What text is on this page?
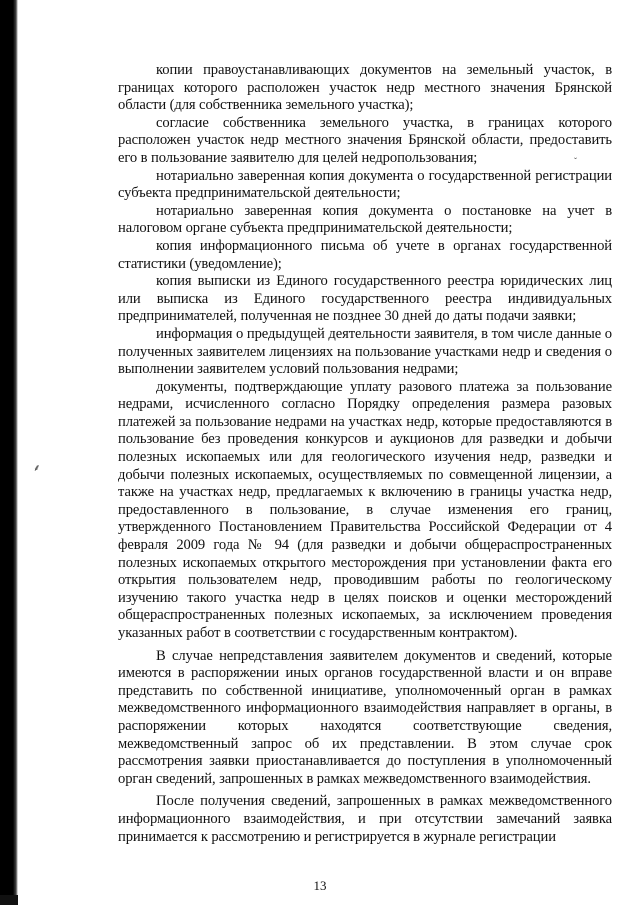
⸙
ˇ

копии правоустанавливающих документов на земельный участок, в границах которого расположен участок недр местного значения Брянской области (для собственника земельного участка);

согласие собственника земельного участка, в границах которого расположен участок недр местного значения Брянской области, предоставить его в пользование заявителю для целей недропользования;

нотариально заверенная копия документа о государственной регистрации субъекта предпринимательской деятельности;

нотариально заверенная копия документа о постановке на учет в налоговом органе субъекта предпринимательской деятельности;

копия информационного письма об учете в органах государственной статистики (уведомление);

копия выписки из Единого государственного реестра юридических лиц или выписка из Единого государственного реестра индивидуальных предпринимателей, полученная не позднее 30 дней до даты подачи заявки;

информация о предыдущей деятельности заявителя, в том числе данные о полученных заявителем лицензиях на пользование участками недр и сведения о выполнении заявителем условий пользования недрами;

документы, подтверждающие уплату разового платежа за пользование недрами, исчисленного согласно Порядку определения размера разовых платежей за пользование недрами на участках недр, которые предоставляются в пользование без проведения конкурсов и аукционов для разведки и добычи полезных ископаемых или для геологического изучения недр, разведки и добычи полезных ископаемых, осуществляемых по совмещенной лицензии, а также на участках недр, предлагаемых к включению в границы участка недр, предоставленного в пользование, в случае изменения его границ, утвержденного Постановлением Правительства Российской Федерации от 4 февраля 2009 года № 94 (для разведки и добычи общераспространенных полезных ископаемых открытого месторождения при установлении факта его открытия пользователем недр, проводившим работы по геологическому изучению такого участка недр в целях поисков и оценки месторождений общераспространенных полезных ископаемых, за исключением проведения указанных работ в соответствии с государственным контрактом).

В случае непредставления заявителем документов и сведений, которые имеются в распоряжении иных органов государственной власти и он вправе представить по собственной инициативе, уполномоченный орган в рамках межведомственного информационного взаимодействия направляет в органы, в распоряжении которых находятся соответствующие сведения, межведомственный запрос об их представлении. В этом случае срок рассмотрения заявки приостанавливается до поступления в уполномоченный орган сведений, запрошенных в рамках межведомственного взаимодействия.

После получения сведений, запрошенных в рамках межведомственного информационного взаимодействия, и при отсутствии замечаний заявка принимается к рассмотрению и регистрируется в журнале регистрации

13
